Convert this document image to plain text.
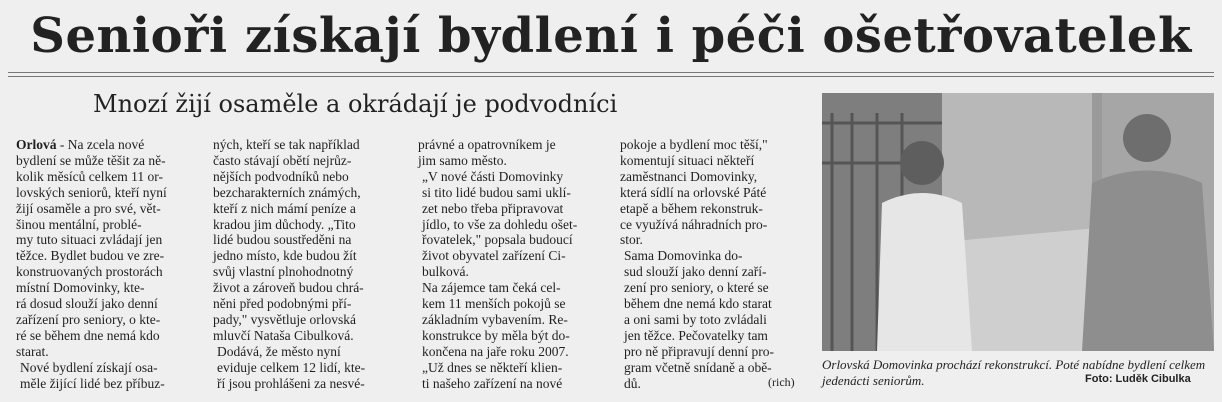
Senioři získají bydlení i péči ošetřovatelek
Mnozí žijí osaměle a okrádají je podvodníci

Orlová - Na zcela nové
bydlení se může těšit za ně-
kolik měsíců celkem 11 or-
lovských seniorů, kteří nyní
žijí osaměle a pro své, vět-
šinou mentální, problé-
my tuto situaci zvládají jen
těžce. Bydlet budou ve zre-
konstruovaných prostorách
místní Domovinky, kte-
rá dosud slouží jako denní
zařízení pro seniory, o kte-
ré se během dne nemá kdo
starat.

Nové bydlení získají osa-
měle žijící lidé bez příbuz-

ných, kteří se tak například
často stávají obětí nejrůz-
nějších podvodníků nebo
bezcharakterních známých,
kteří z nich mámí peníze a
kradou jim důchody. „Tito
lidé budou soustředěni na
jedno místo, kde budou žít
svůj vlastní plnohodnotný
život a zároveň budou chrá-
něni před podobnými pří-
pady," vysvětluje orlovská
mluvčí Nataša Cibulková.

Dodává, že město nyní
eviduje celkem 12 lidí, kte-
ří jsou prohlášeni za nesvé-

právné a opatrovníkem je
jim samo město.

„V nové části Domovinky
si tito lidé budou sami uklí-
zet nebo třeba připravovat
jídlo, to vše za dohledu ošet-
řovatelek," popsala budoucí
život obyvatel zařízení Ci-
bulková.

Na zájemce tam čeká cel-
kem 11 menších pokojů se
základním vybavením. Re-
konstrukce by měla být do-
končena na jaře roku 2007.

„Už dnes se někteří klien-
ti našeho zařízení na nové

pokoje a bydlení moc těší,"
komentují situaci někteří
zaměstnanci Domovinky,
která sídlí na orlovské Páté
etapě a během rekonstruk-
ce využívá náhradních pro-
stor.

Sama Domovinka do-
sud slouží jako denní zaří-
zení pro seniory, o které se
během dne nemá kdo starat
a oni sami by toto zvládali
jen těžce. Pečovatelky tam
pro ně připravují denní pro-
gram včetně snídaně a obě-
dů.	(rich)
Orlovská Domovinka prochází rekonstrukcí. Poté nabídne bydlení celkem jedenácti seniorům.	Foto: Luděk Cibulka
